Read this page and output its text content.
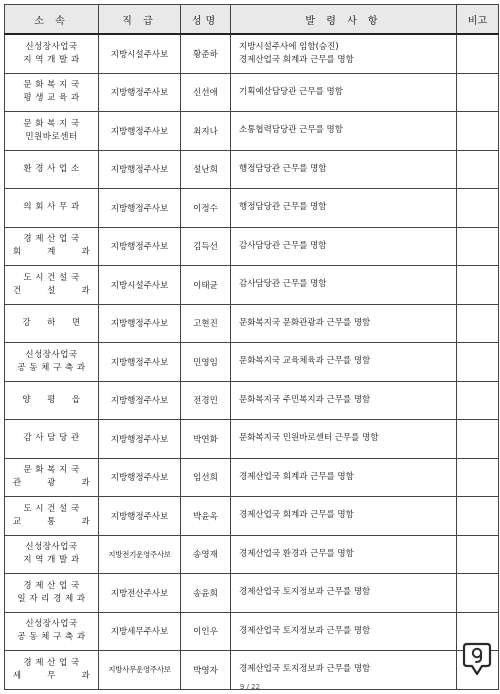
소 속	직 급	성명	발 령 사 항	비고

신성장사업국
지 역 개 발 과	지방시설주사보	황준하	지방시설주사에 임함(승진)
경제산업국 회계과 근무를 명함	

문 화 복 지 국
평 생 교 육 과	지방행정주사보	신선애	기획예산담당관 근무를 명함	

문 화 복 지 국
민원바로센터	지방행정주사보	최지나	소통협력담당관 근무를 명함	

환 경 사 업 소	지방행정주사보	설난희	행정담당관 근무를 명함	

의 회 사 무 과	지방행정주사보	이정수	행정담당관 근무를 명함	

경 제 산 업 국
회        계        과	지방행정주사보	김득선	감사담당관 근무를 명함	

도 시 건 설 국
건        설        과	지방시설주사보	이태균	감사담당관 근무를 명함	

강     하     면	지방행정주사보	고현진	문화복지국 문화관광과 근무를 명함	

신성장사업국
공 동 체 구 축 과	지방행정주사보	민영임	문화복지국 교육체육과 근무를 명함	

양     평     읍	지방행정주사보	전경민	문화복지국 주민복지과 근무를 명함	

감 사 담 당 관	지방행정주사보	박연화	문화복지국 민원바로센터 근무를 명함	

문 화 복 지 국
관        광        과	지방행정주사보	임선희	경제산업국 회계과 근무를 명함	

도 시 건 설 국
교        통        과	지방행정주사보	박윤옥	경제산업국 회계과 근무를 명함	

신성장사업국
지 역 개 발 과	지방전기운영주사보	송영재	경제산업국 환경과 근무를 명함	

경 제 산 업 국
일 자 리 경 제 과	지방전산주사보	송윤희	경제산업국 토지정보과 근무를 명함	

신성장사업국
공 동 체 구 축 과	지방세무주사보	이인우	경제산업국 토지정보과 근무를 명함	

경 제 산 업 국
세        무        과	지방사무운영주사보	박영자	경제산업국 토지정보과 근무를 명함	

9 / 22
